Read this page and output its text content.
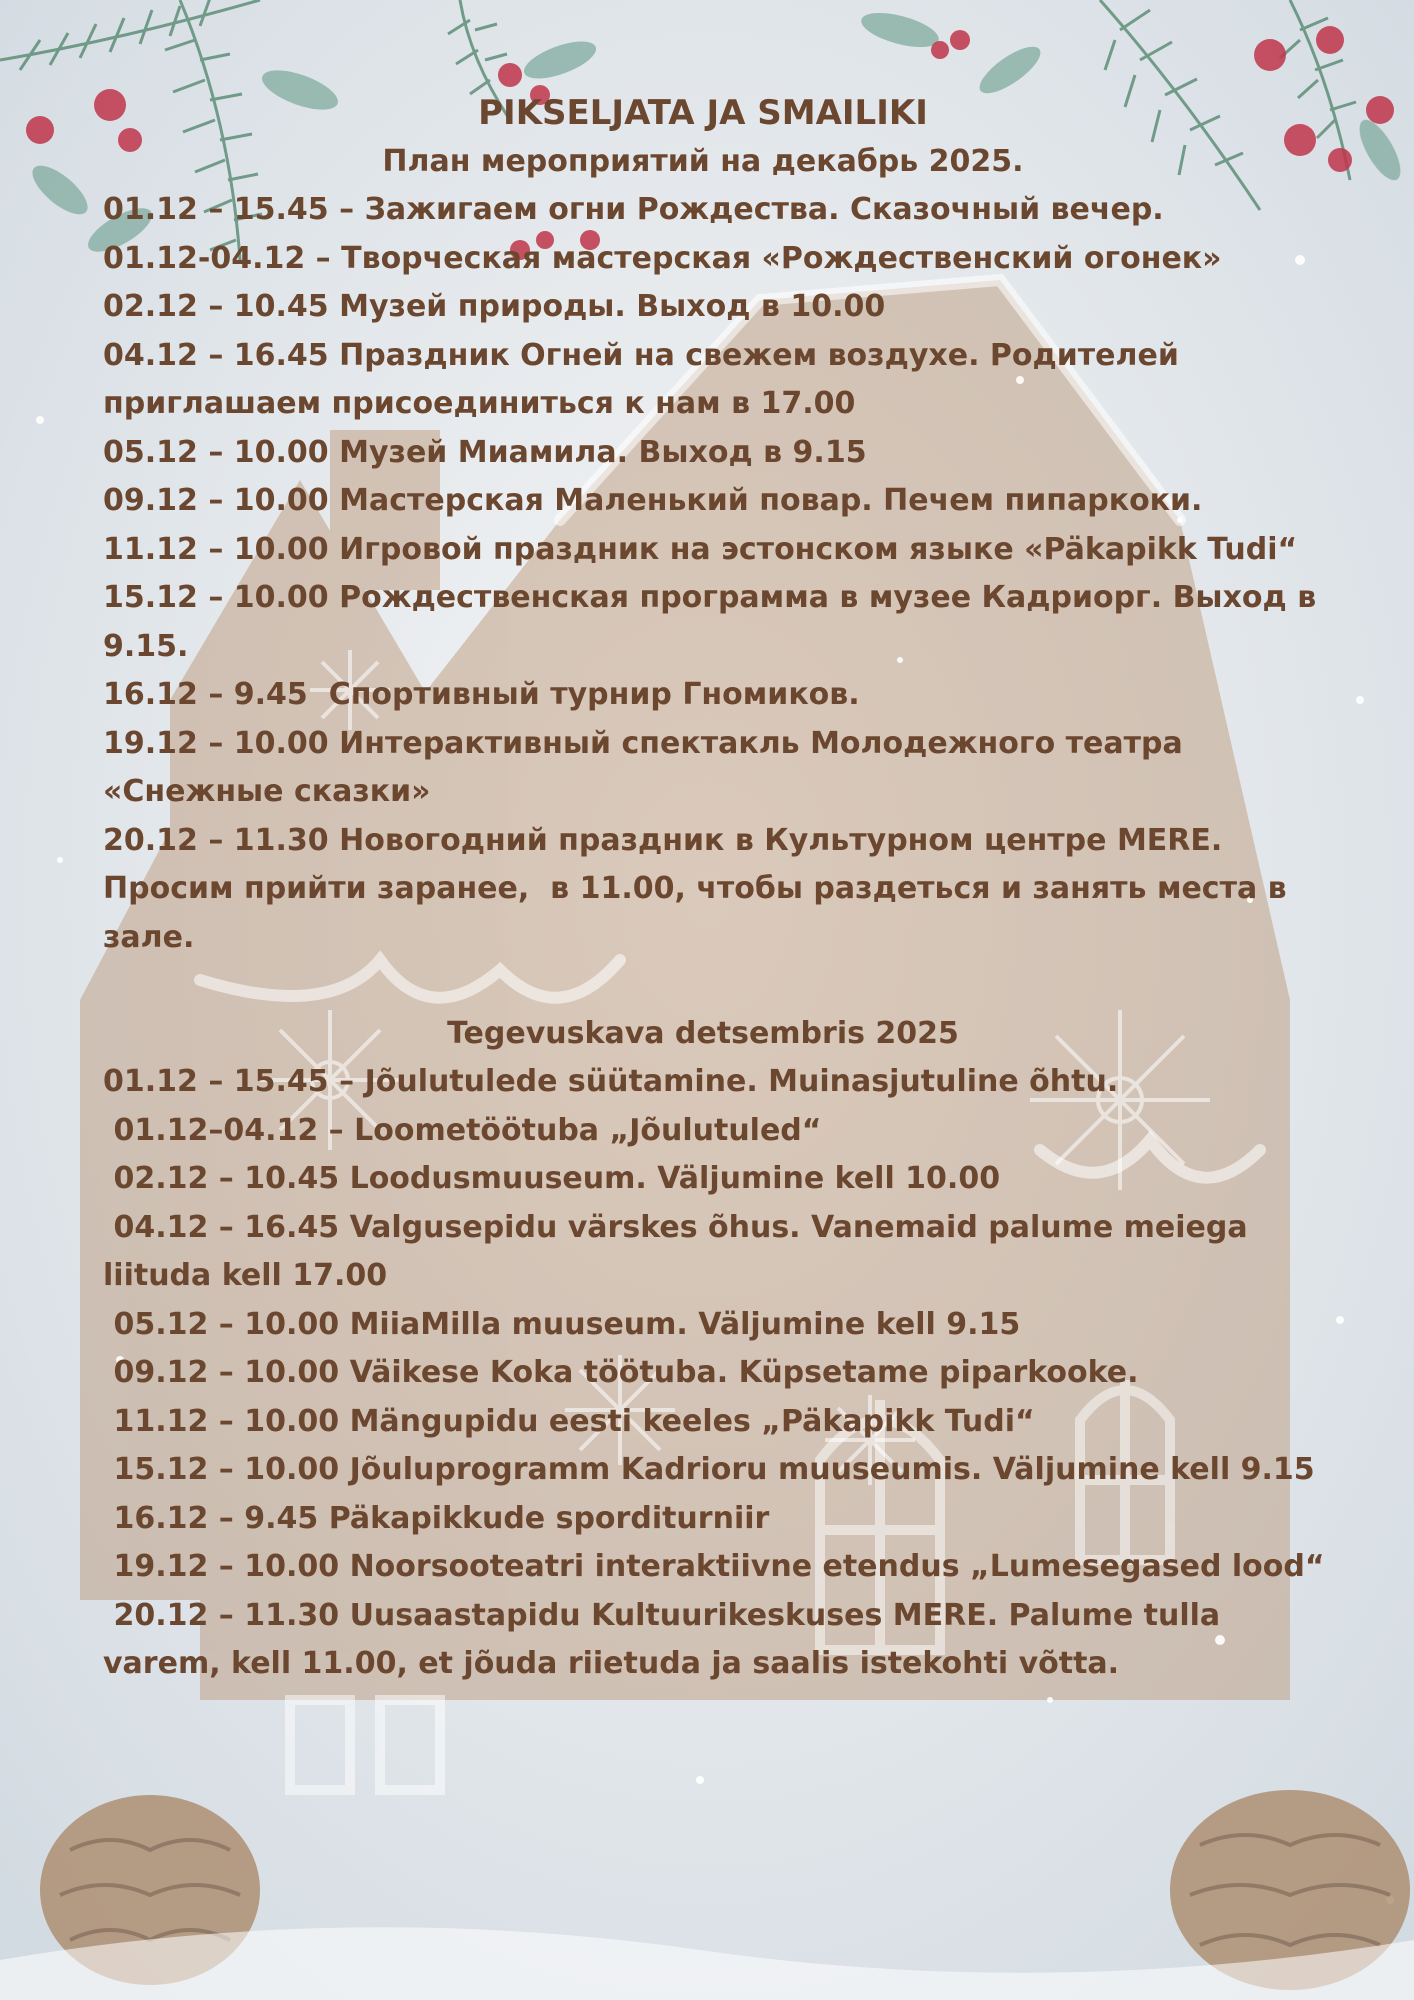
PIKSELJATA JA SMAILIKI
План мероприятий на декабрь 2025.
01.12 – 15.45 – Зажигаем огни Рождества. Сказочный вечер.
01.12-04.12 – Творческая мастерская «Рождественский огонек»
02.12 – 10.45 Музей природы. Выход в 10.00
04.12 – 16.45 Праздник Огней на свежем воздухе. Родителей приглашаем присоединиться к нам в 17.00
05.12 – 10.00 Музей Миамила. Выход в 9.15
09.12 – 10.00 Мастерская Маленький повар. Печем пипаркоки.
11.12 – 10.00 Игровой праздник на эстонском языке «Päkapikk Tudi“
15.12 – 10.00 Рождественская программа в музее Кадриорг. Выход в 9.15.
16.12 – 9.45  Спортивный турнир Гномиков.
19.12 – 10.00 Интерактивный спектакль Молодежного театра «Снежные сказки»
20.12 – 11.30 Новогодний праздник в Культурном центре MERE. Просим прийти заранее,  в 11.00, чтобы раздеться и занять места в зале.
Tegevuskava detsembris 2025
01.12 – 15.45 – Jõulutulede süütamine. Muinasjutuline õhtu.
01.12–04.12 – Loometöötuba „Jõulutuled“
02.12 – 10.45 Loodusmuuseum. Väljumine kell 10.00
04.12 – 16.45 Valgusepidu värskes õhus. Vanemaid palume meiega liituda kell 17.00
05.12 – 10.00 MiiaMilla muuseum. Väljumine kell 9.15
09.12 – 10.00 Väikese Koka töötuba. Küpsetame piparkooke.
11.12 – 10.00 Mängupidu eesti keeles „Päkapikk Tudi“
15.12 – 10.00 Jõuluprogramm Kadrioru muuseumis. Väljumine kell 9.15
16.12 – 9.45 Päkapikkude sporditurniir
19.12 – 10.00 Noorsooteatri interaktiivne etendus „Lumesegased lood“
20.12 – 11.30 Uusaastapidu Kultuurikeskuses MERE. Palume tulla varem, kell 11.00, et jõuda riietuda ja saalis istekohti võtta.
